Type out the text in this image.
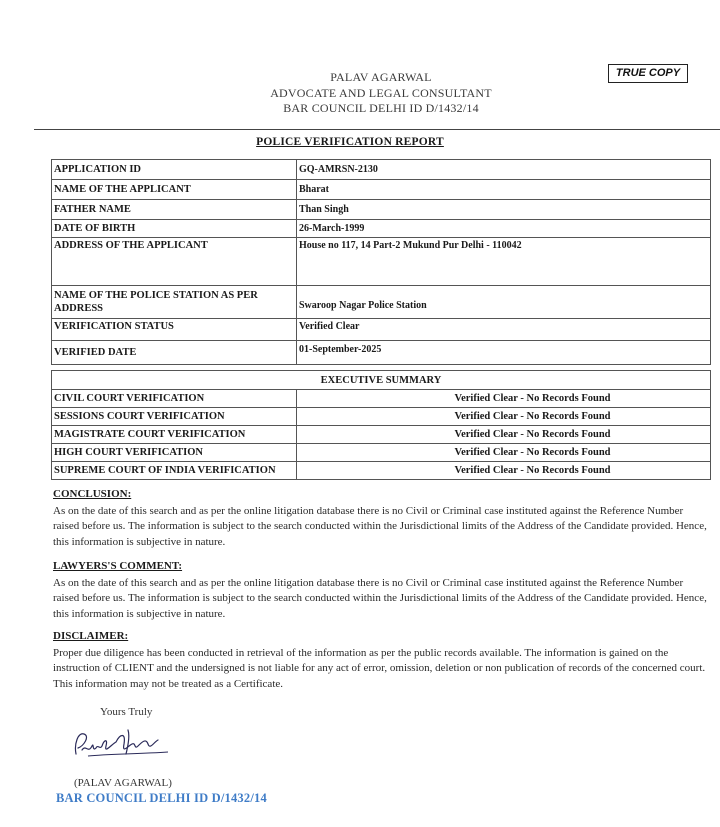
PALAV AGARWAL
ADVOCATE AND LEGAL CONSULTANT
BAR COUNCIL DELHI ID D/1432/14
TRUE COPY
POLICE VERIFICATION REPORT
APPLICATION ID	GQ-AMRSN-2130
NAME OF THE APPLICANT	Bharat
FATHER NAME	Than Singh
DATE OF BIRTH	26-March-1999
ADDRESS OF THE APPLICANT	House no 117, 14 Part-2 Mukund Pur Delhi - 110042
NAME OF THE POLICE STATION AS PER ADDRESS	Swaroop Nagar Police Station
VERIFICATION STATUS	Verified Clear
VERIFIED DATE	01-September-2025
EXECUTIVE SUMMARY	
CIVIL COURT VERIFICATION	Verified Clear - No Records Found
SESSIONS COURT VERIFICATION	Verified Clear - No Records Found
MAGISTRATE COURT VERIFICATION	Verified Clear - No Records Found
HIGH COURT VERIFICATION	Verified Clear - No Records Found
SUPREME COURT OF INDIA VERIFICATION	Verified Clear - No Records Found
CONCLUSION:
As on the date of this search and as per the online litigation database there is no Civil or Criminal case instituted against the Reference Number raised before us. The information is subject to the search conducted within the Jurisdictional limits of the Address of the Candidate provided. Hence, this information is subjective in nature.
LAWYERS'S COMMENT:
As on the date of this search and as per the online litigation database there is no Civil or Criminal case instituted against the Reference Number raised before us. The information is subject to the search conducted within the Jurisdictional limits of the Address of the Candidate provided. Hence, this information is subjective in nature.
DISCLAIMER:
Proper due diligence has been conducted in retrieval of the information as per the public records available. The information is gained on the instruction of CLIENT and the undersigned is not liable for any act of error, omission, deletion or non publication of records of the concerned court. This information may not be treated as a Certificate.
Yours Truly
(PALAV AGARWAL)
BAR COUNCIL DELHI ID D/1432/14
